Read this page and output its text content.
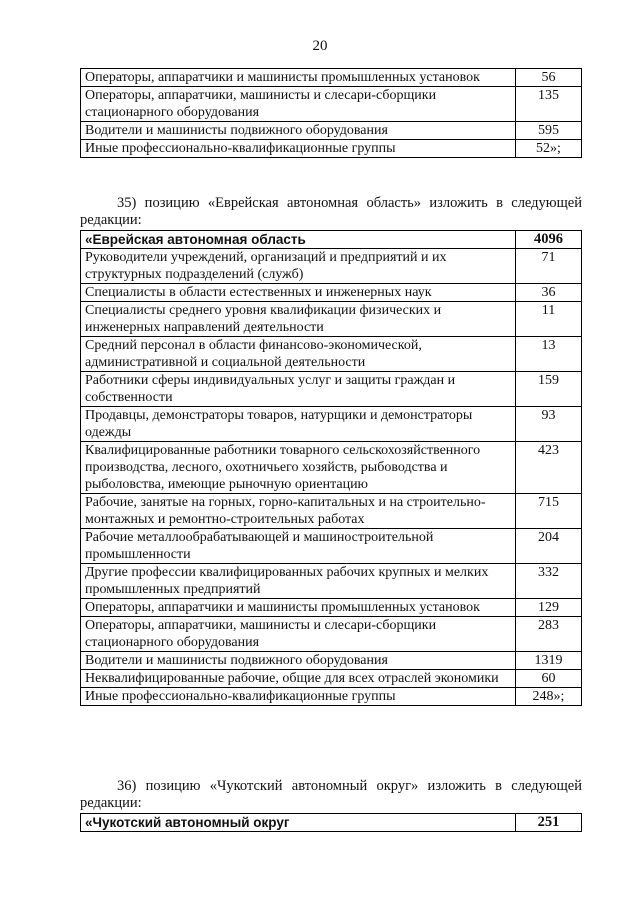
20
Операторы, аппаратчики и машинисты промышленных установок	56
Операторы, аппаратчики, машинисты и слесари-сборщики стационарного оборудования	135
Водители и машинисты подвижного оборудования	595
Иные профессионально-квалификационные группы	52»;
35) позицию «Еврейская автономная область» изложить в следующей редакции:
«Еврейская автономная область	4096
Руководители учреждений, организаций и предприятий и их структурных подразделений (служб)	71
Специалисты в области естественных и инженерных наук	36
Специалисты среднего уровня квалификации физических и инженерных направлений деятельности	11
Средний персонал в области финансово-экономической, административной и социальной деятельности	13
Работники сферы индивидуальных услуг и защиты граждан и собственности	159
Продавцы, демонстраторы товаров, натурщики и демонстраторы одежды	93
Квалифицированные работники товарного сельскохозяйственного производства, лесного, охотничьего хозяйств, рыбоводства и рыболовства, имеющие рыночную ориентацию	423
Рабочие, занятые на горных, горно-капитальных и на строительно-монтажных и ремонтно-строительных работах	715
Рабочие металлообрабатывающей и машиностроительной промышленности	204
Другие профессии квалифицированных рабочих крупных и мелких промышленных предприятий	332
Операторы, аппаратчики и машинисты промышленных установок	129
Операторы, аппаратчики, машинисты и слесари-сборщики стационарного оборудования	283
Водители и машинисты подвижного оборудования	1319
Неквалифицированные рабочие, общие для всех отраслей экономики	60
Иные профессионально-квалификационные группы	248»;
36) позицию «Чукотский автономный округ» изложить в следующей редакции:
«Чукотский автономный округ	251
